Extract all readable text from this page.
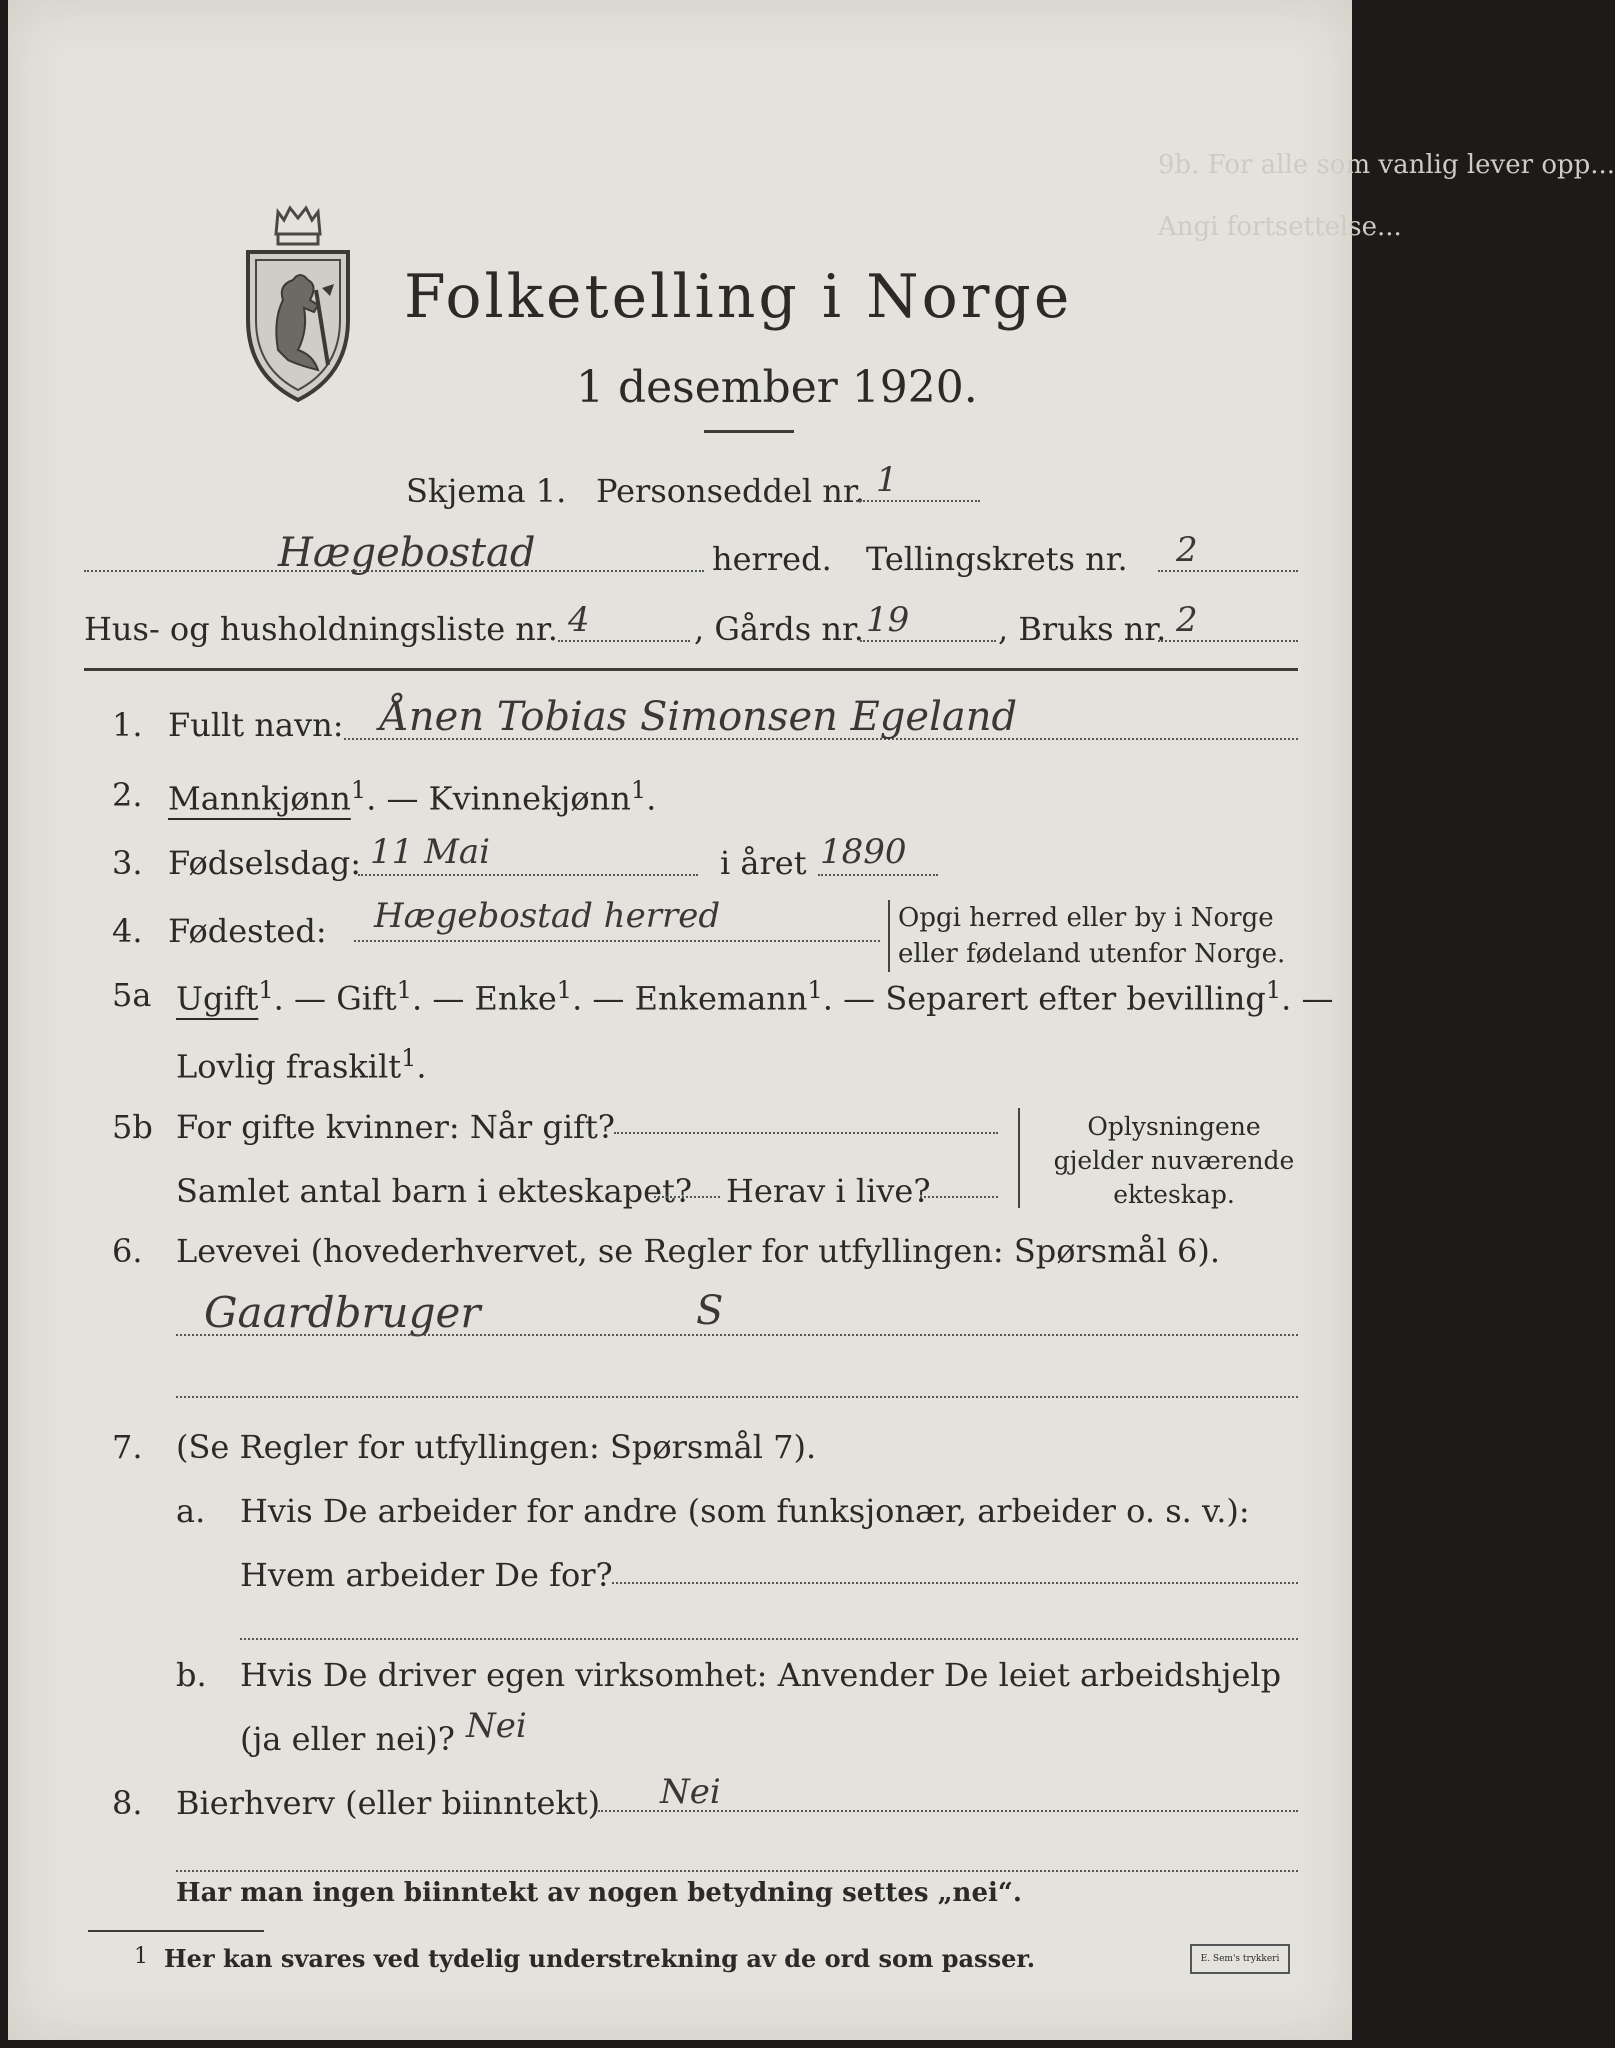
Folketelling i Norge
1 desember 1920.
9b. For alle som vanlig lever opp...
Angi fortsettelse...
Skjema 1. Personseddel nr. 1
Hægebostad	herred. Tellingskrets nr. 2
Hus- og husholdningsliste nr. 4	, Gårds nr. 19	, Bruks nr. 2
1. Fullt navn: Ånen Tobias Simonsen Egeland
2. Mannkjønn$^1$. — Kvinnekjønn$^1$.
3. Fødselsdag: 11 Mai	i året 1890
4. Fødested: Hægebostad herred	Opgi herred eller by i Norge
eller fødeland utenfor Norge.
5a Ugift$^1$. — Gift$^1$. — Enke$^1$. — Enkemann$^1$. — Separert efter bevilling$^1$. —
Lovlig fraskilt$^1$.
5b For gifte kvinner: Når gift?
Samlet antal barn i ekteskapet? Herav i live?
Oplysningene
gjelder nuværende
ekteskap.
6. Levevei (hovederhvervet, se Regler for utfyllingen: Spørsmål 6).
Gaardbruger	S
7. (Se Regler for utfyllingen: Spørsmål 7).
a. Hvis De arbeider for andre (som funksjonær, arbeider o. s. v.):
Hvem arbeider De for?
b. Hvis De driver egen virksomhet: Anvender De leiet arbeidshjelp
(ja eller nei)? Nei
8. Bierhverv (eller biinntekt) Nei
Har man ingen biinntekt av nogen betydning settes „nei“.
1 Her kan svares ved tydelig understrekning av de ord som passer.	E. Sem's trykkeri
